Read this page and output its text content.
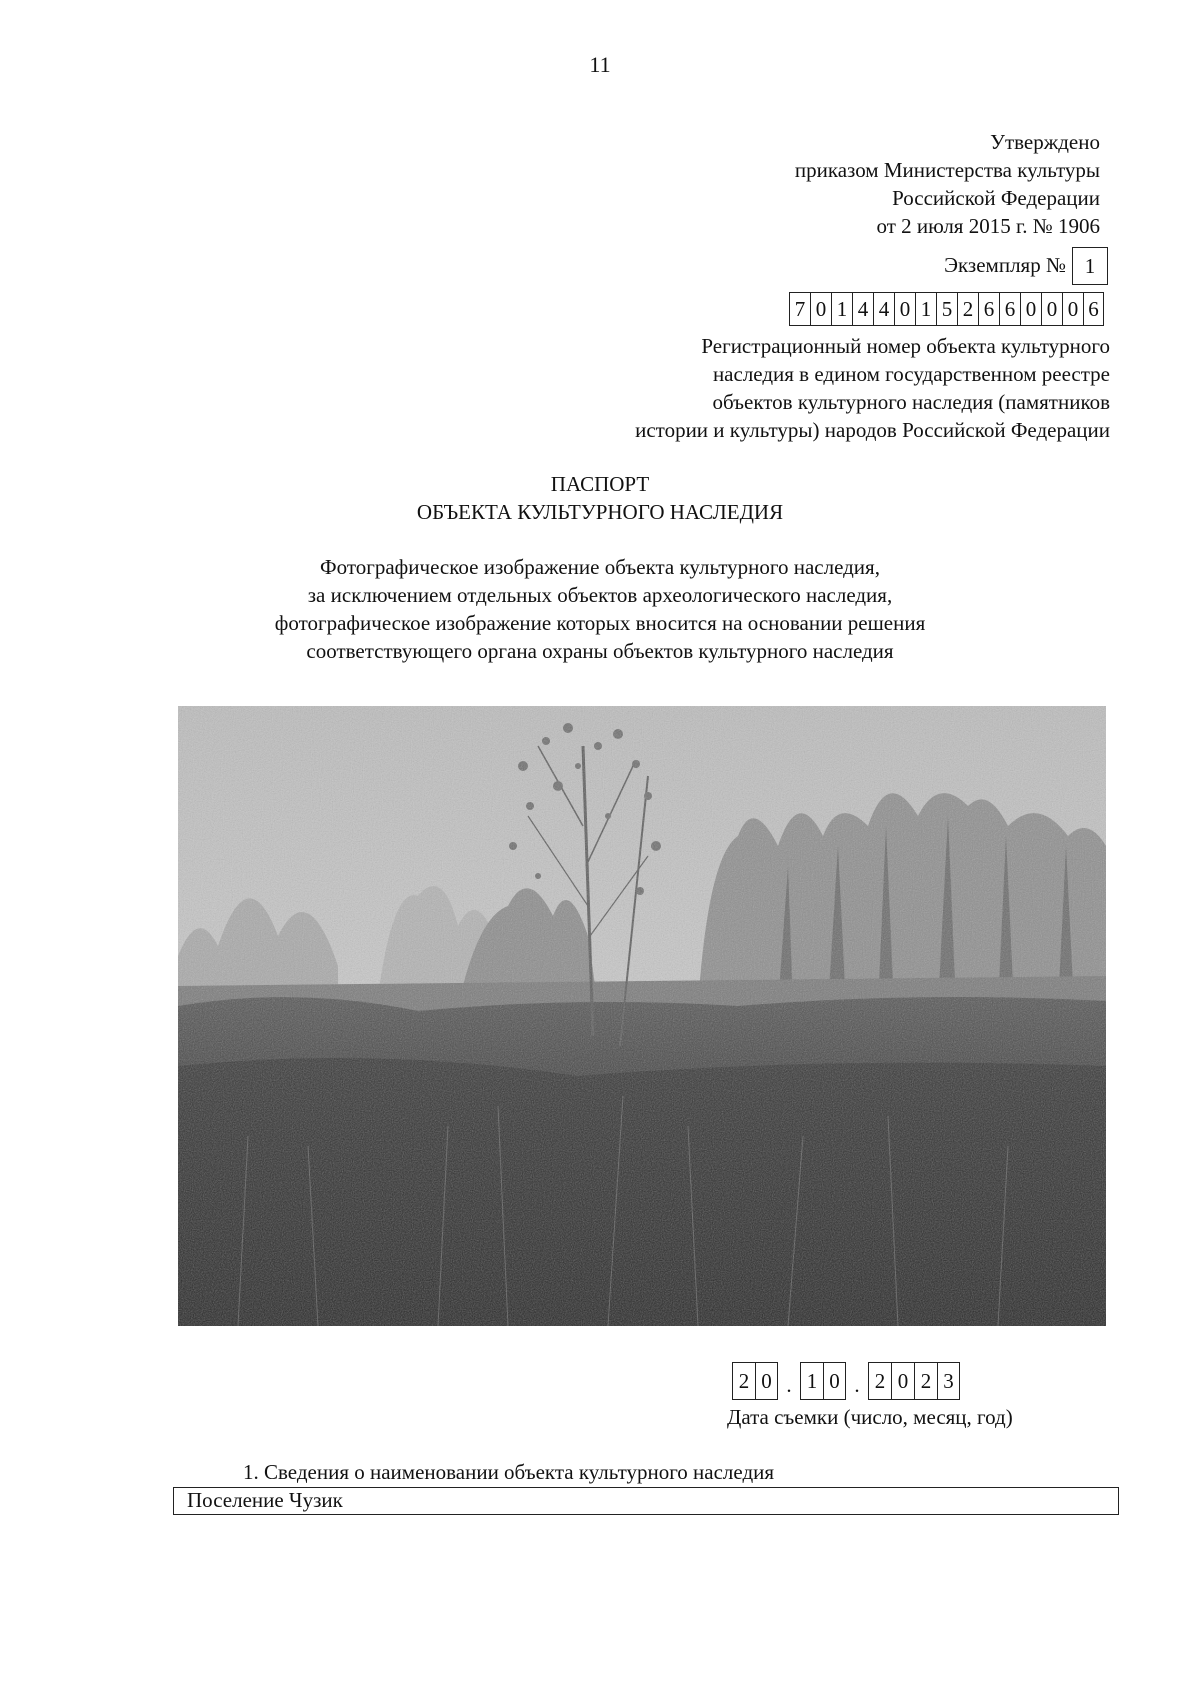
11
Утверждено
приказом Министерства культуры
Российской Федерации
от 2 июля 2015 г. № 1906
Экземпляр № 1
7 0 1 4 4 0 1 5 2 6 6 0 0 0 6
Регистрационный номер объекта культурного
наследия в едином государственном реестре
объектов культурного наследия (памятников
истории и культуры) народов Российской Федерации
ПАСПОРТ
ОБЪЕКТА КУЛЬТУРНОГО НАСЛЕДИЯ
Фотографическое изображение объекта культурного наследия,
за исключением отдельных объектов археологического наследия,
фотографическое изображение которых вносится на основании решения
соответствующего органа охраны объектов культурного наследия
2 0 . 1 0 . 2 0 2 3
Дата съемки (число, месяц, год)
1. Сведения о наименовании объекта культурного наследия
Поселение Чузик
